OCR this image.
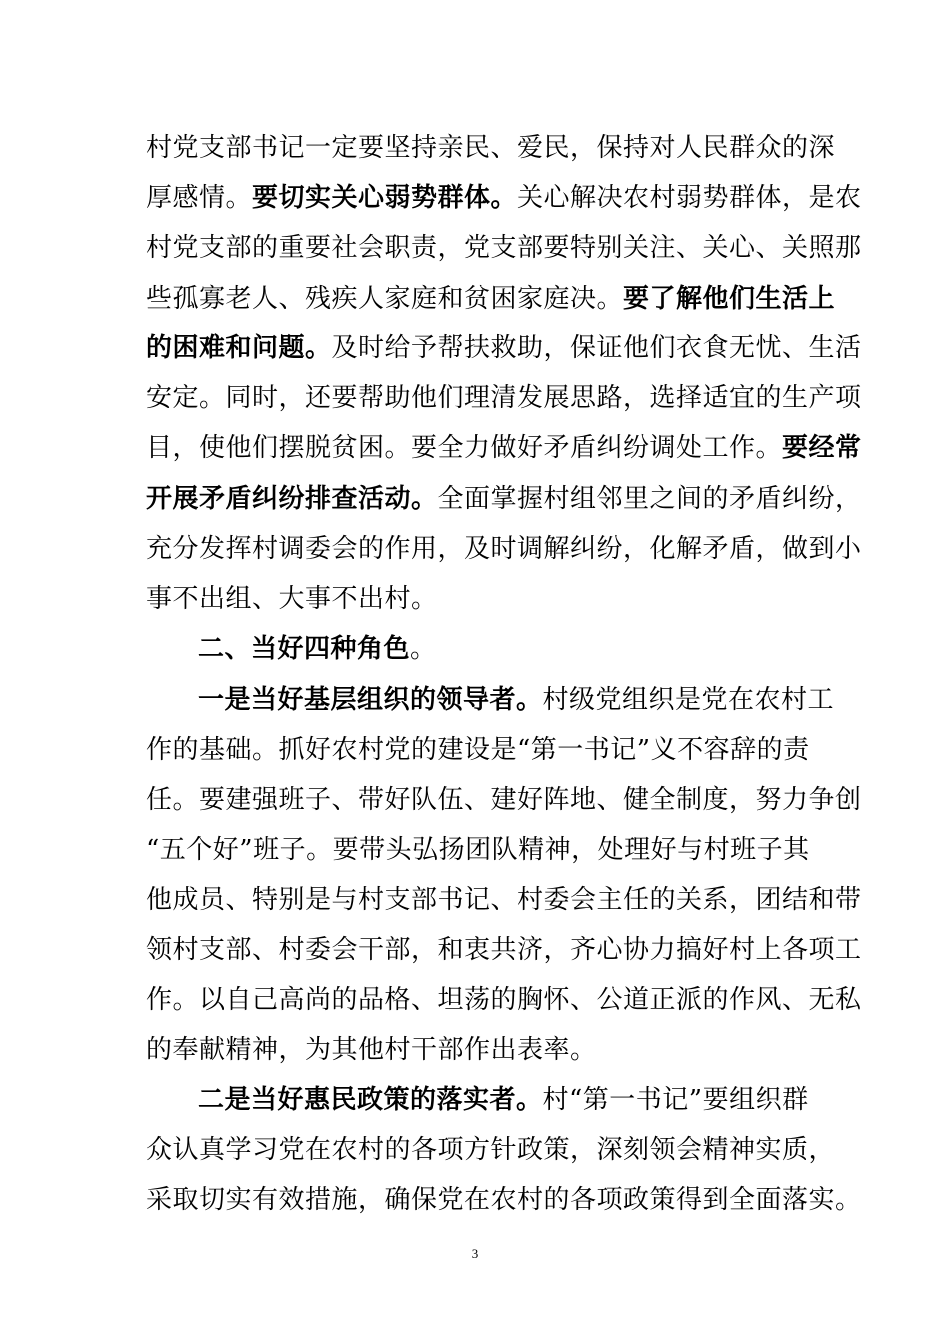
村党支部书记一定要坚持亲民、爱民，保持对人民群众的深
厚感情。要切实关心弱势群体。关心解决农村弱势群体，是农
村党支部的重要社会职责，党支部要特别关注、关心、关照那
些孤寡老人、残疾人家庭和贫困家庭决。要了解他们生活上
的困难和问题。及时给予帮扶救助，保证他们衣食无忧、生活
安定。同时，还要帮助他们理清发展思路，选择适宜的生产项
目，使他们摆脱贫困。要全力做好矛盾纠纷调处工作。要经常
开展矛盾纠纷排查活动。全面掌握村组邻里之间的矛盾纠纷，
充分发挥村调委会的作用，及时调解纠纷，化解矛盾，做到小
事不出组、大事不出村。
二、当好四种角色。
一是当好基层组织的领导者。村级党组织是党在农村工
作的基础。抓好农村党的建设是“第一书记”义不容辞的责
任。要建强班子、带好队伍、建好阵地、健全制度，努力争创
“五个好”班子。要带头弘扬团队精神，处理好与村班子其
他成员、特别是与村支部书记、村委会主任的关系，团结和带
领村支部、村委会干部，和衷共济，齐心协力搞好村上各项工
作。以自己高尚的品格、坦荡的胸怀、公道正派的作风、无私
的奉献精神，为其他村干部作出表率。
二是当好惠民政策的落实者。村“第一书记”要组织群
众认真学习党在农村的各项方针政策，深刻领会精神实质，
采取切实有效措施，确保党在农村的各项政策得到全面落实。
3
